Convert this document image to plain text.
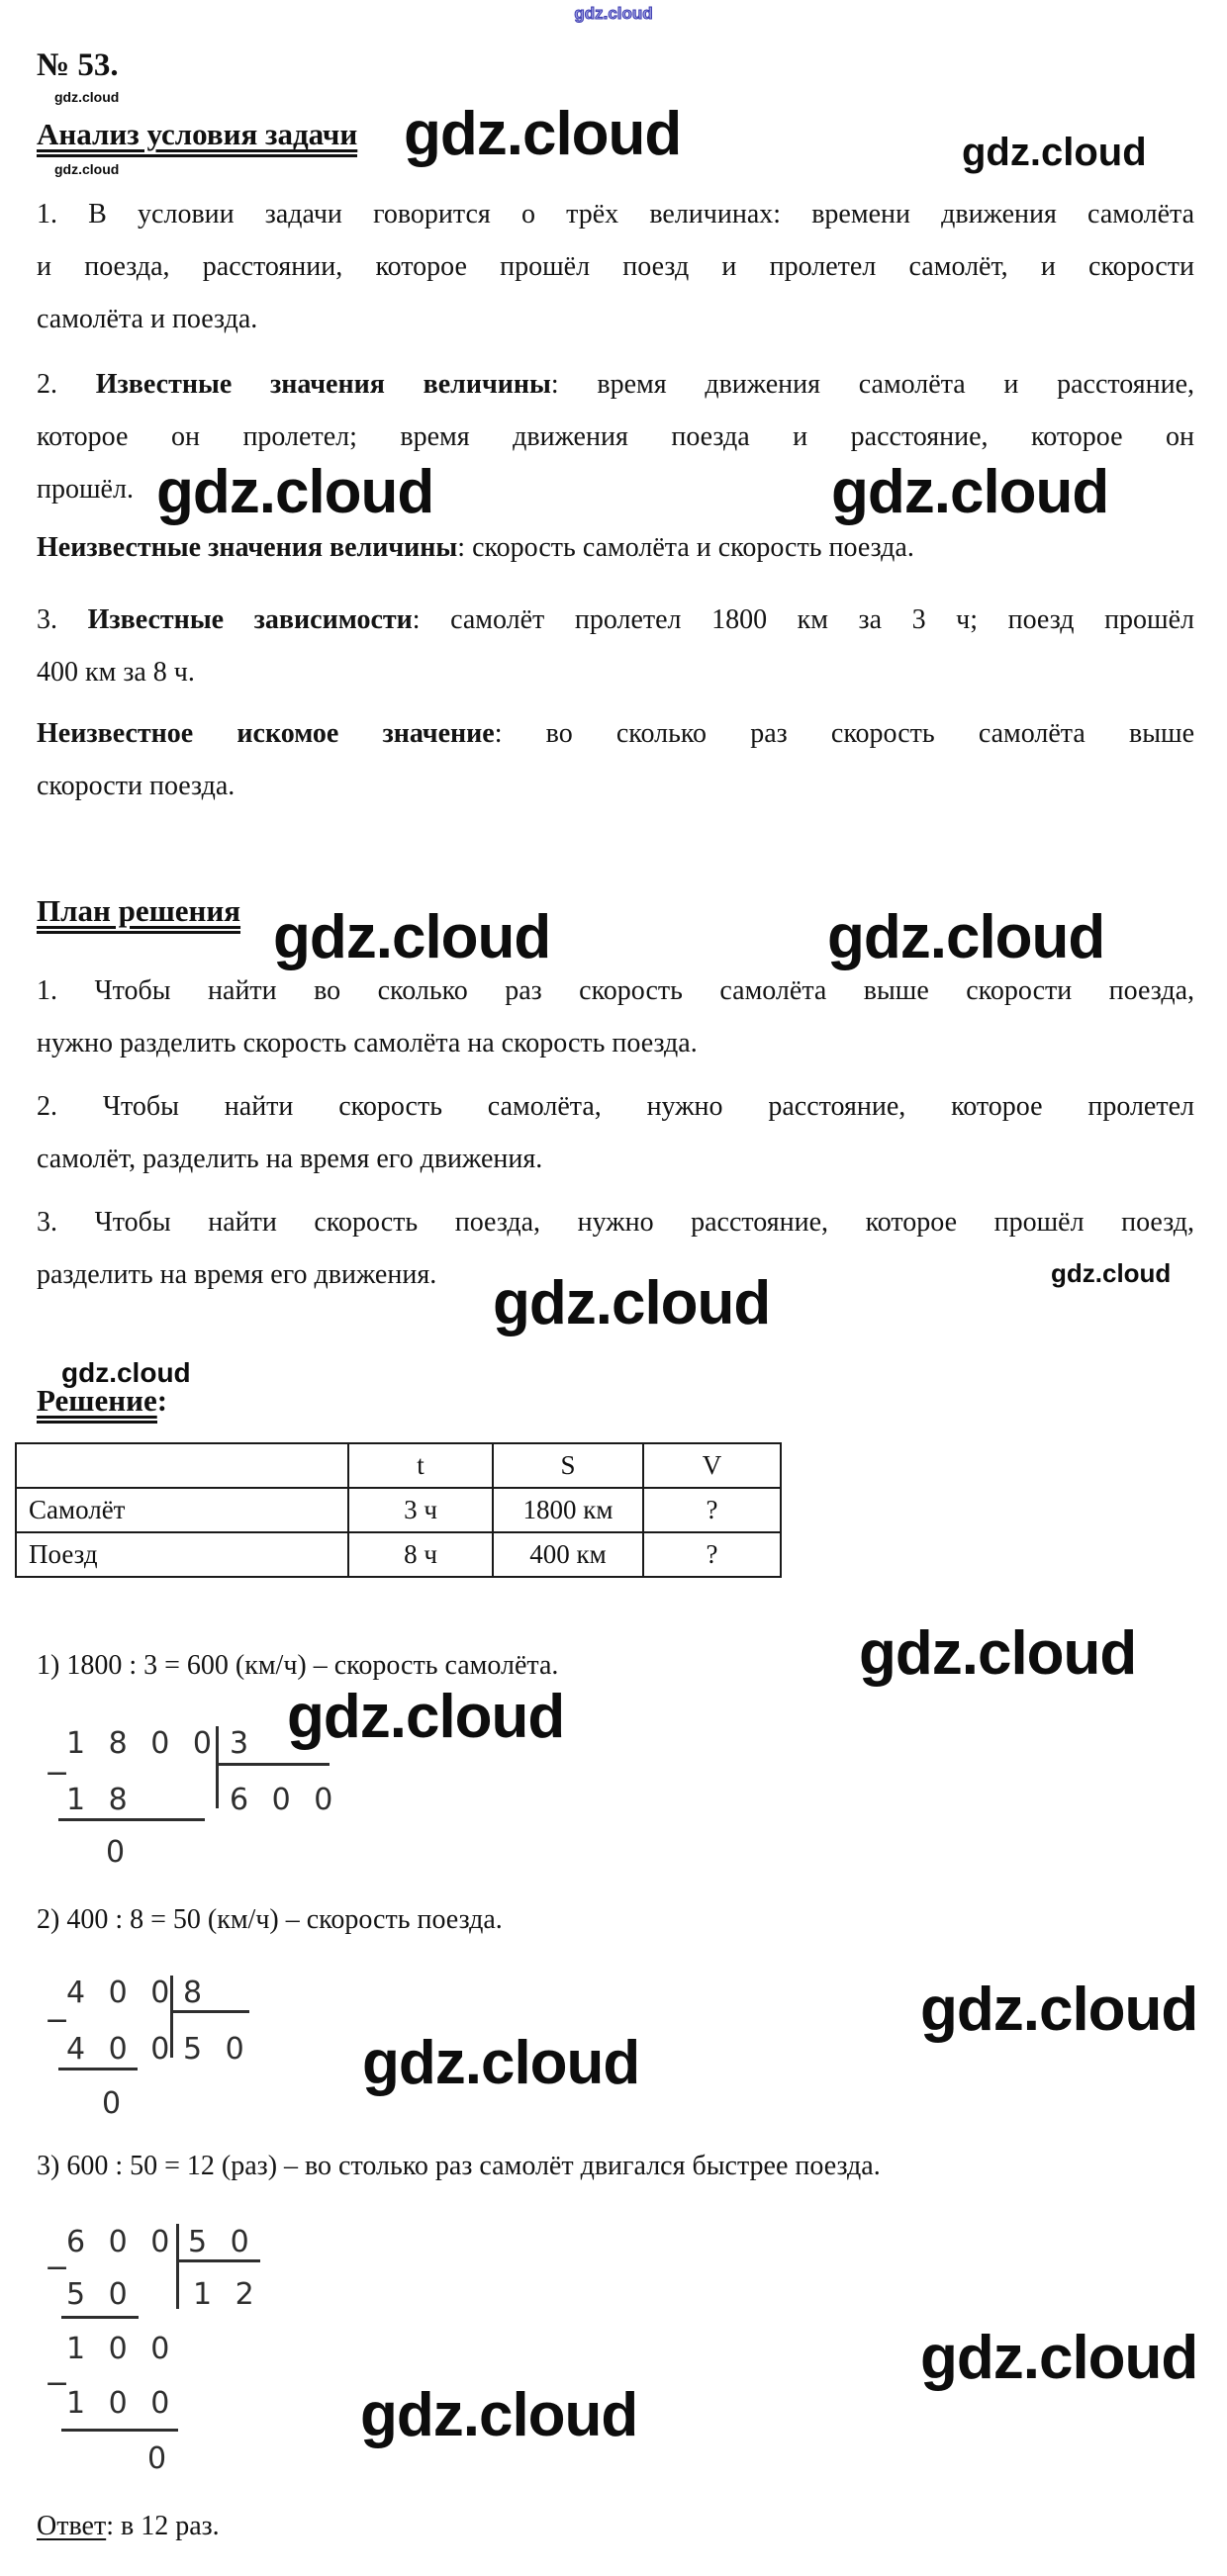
gdz.cloud
gdz.cloud
gdz.cloud	gdz.cloud
gdz.cloud
gdz.cloud	gdz.cloud
gdz.cloud	gdz.cloud
gdz.cloud
gdz.cloud
gdz.cloud
gdz.cloud
gdz.cloud
gdz.cloud
gdz.cloud
gdz.cloud
gdz.cloud
№ 53.
Анализ условия задачи
1. В условии задачи говорится о трёх величинах: времени движения самолёта
и поезда, расстоянии, которое прошёл поезд и пролетел самолёт, и скорости
самолёта и поезда.
2. Известные значения величины: время движения самолёта и расстояние,
которое он пролетел; время движения поезда и расстояние, которое он
прошёл.
Неизвестные значения величины: скорость самолёта и скорость поезда.
3. Известные зависимости: самолёт пролетел 1800 км за 3 ч; поезд прошёл
400 км за 8 ч.
Неизвестное искомое значение: во сколько раз скорость самолёта выше
скорости поезда.
План решения
1. Чтобы найти во сколько раз скорость самолёта выше скорости поезда,
нужно разделить скорость самолёта на скорость поезда.
2. Чтобы найти скорость самолёта, нужно расстояние, которое пролетел
самолёт, разделить на время его движения.
3. Чтобы найти скорость поезда, нужно расстояние, которое прошёл поезд,
разделить на время его движения.
Решение:
	t	S	V
Самолёт	3 ч	1800 км	?
Поезд	8 ч	400 км	?
1) 1800 : 3 = 600 (км/ч) – скорость самолёта.
−
1 8 0 0 3
1 8	6 0 0
0
2) 400 : 8 = 50 (км/ч) – скорость поезда.
−
4 0 0 8
4 0 0 5 0
0
3) 600 : 50 = 12 (раз) – во столько раз самолёт двигался быстрее поезда.
−
6 0 0 5 0
5 0 1 2
1 0 0
−
1 0 0
0
Ответ: в 12 раз.
